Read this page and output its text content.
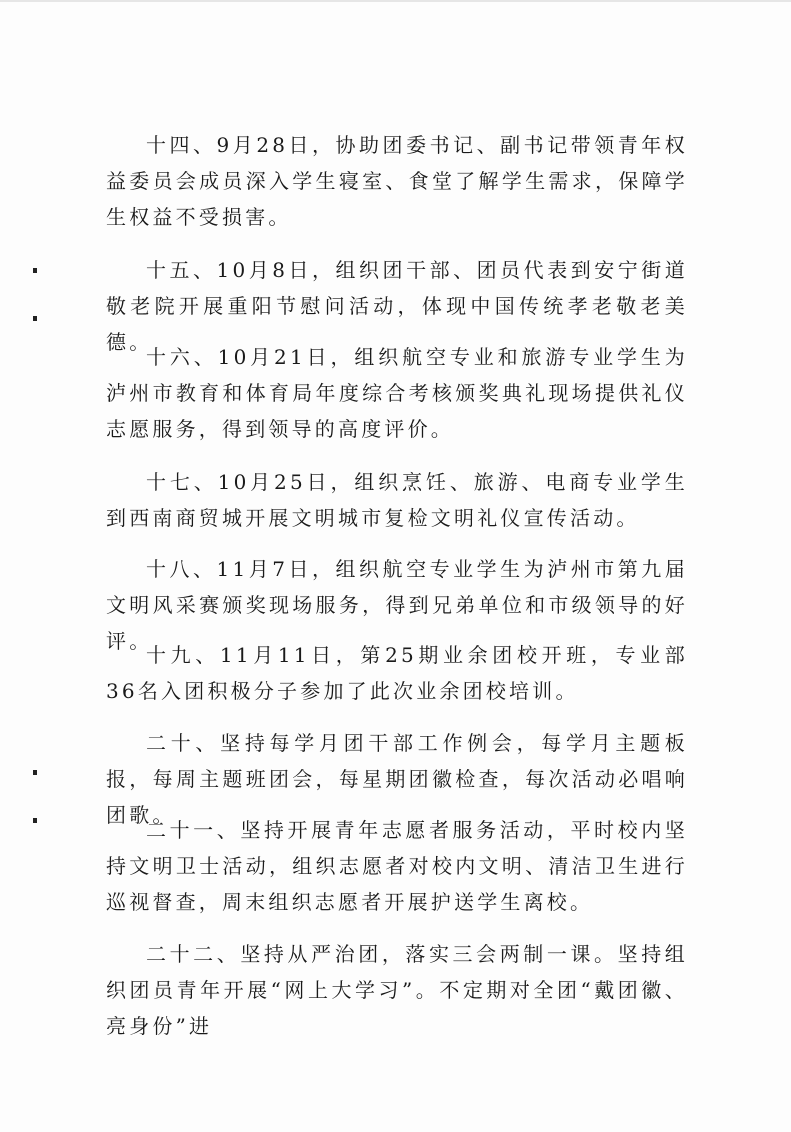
十四、9月28日，协助团委书记、副书记带领青年权益委员会成员深入学生寝室、食堂了解学生需求，保障学生权益不受损害。

十五、10月8日，组织团干部、团员代表到安宁街道敬老院开展重阳节慰问活动，体现中国传统孝老敬老美德。

十六、10月21日，组织航空专业和旅游专业学生为泸州市教育和体育局年度综合考核颁奖典礼现场提供礼仪志愿服务，得到领导的高度评价。

十七、10月25日，组织烹饪、旅游、电商专业学生到西南商贸城开展文明城市复检文明礼仪宣传活动。

十八、11月7日，组织航空专业学生为泸州市第九届文明风采赛颁奖现场服务，得到兄弟单位和市级领导的好评。

十九、11月11日，第25期业余团校开班，专业部36名入团积极分子参加了此次业余团校培训。

二十、坚持每学月团干部工作例会，每学月主题板报，每周主题班团会，每星期团徽检查，每次活动必唱响团歌。

二十一、坚持开展青年志愿者服务活动，平时校内坚持文明卫士活动，组织志愿者对校内文明、清洁卫生进行巡视督查，周末组织志愿者开展护送学生离校。

二十二、坚持从严治团，落实三会两制一课。坚持组织团员青年开展“网上大学习”。不定期对全团“戴团徽、亮身份”进
